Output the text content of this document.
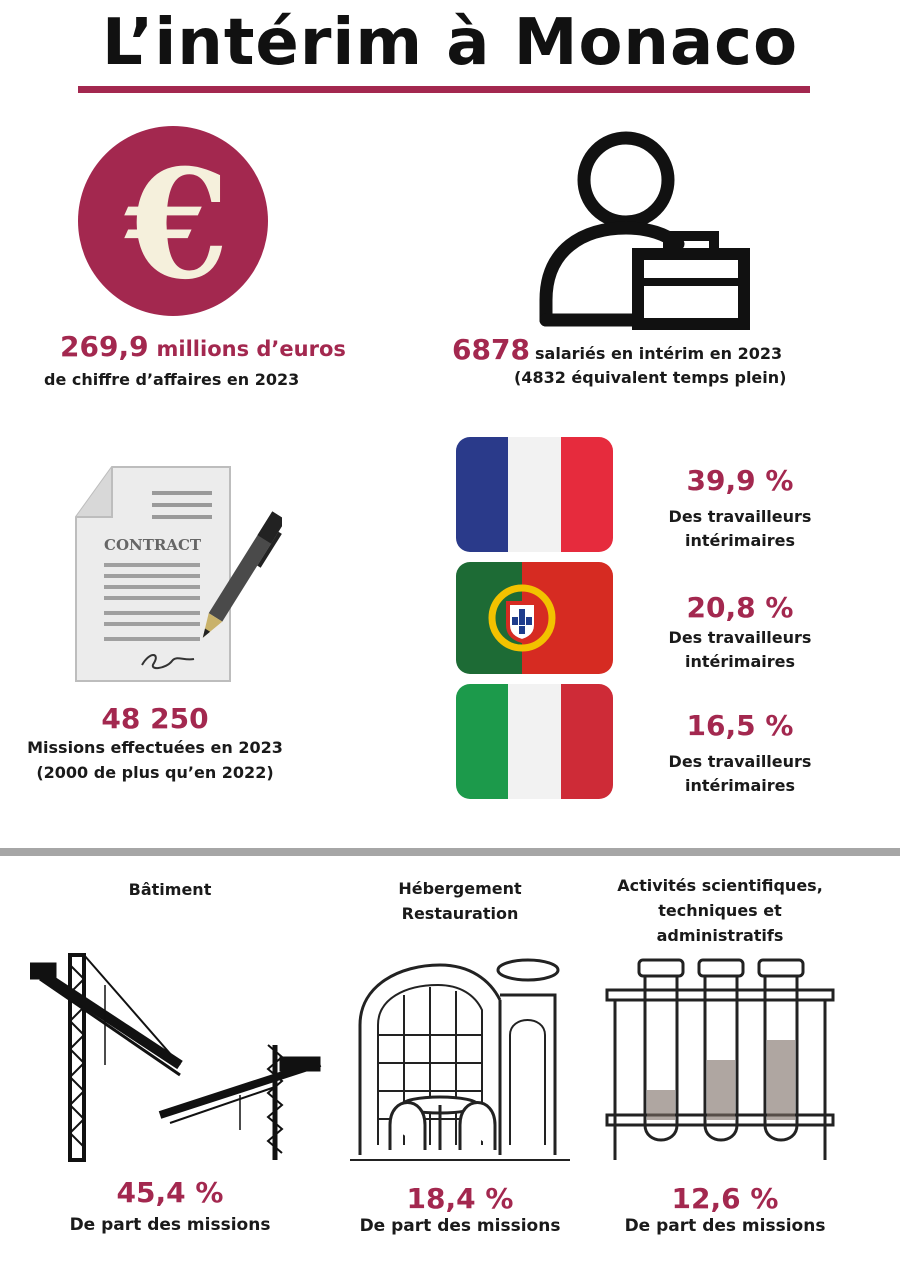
L’intérim à Monaco
€
269,9 millions d’euros
de chiffre d’affaires en 2023
6878 salariés en intérim en 2023
(4832 équivalent temps plein)
CONTRACT
48 250
Missions effectuées en 2023
(2000 de plus qu’en 2022)
39,9 %
Des travailleurs
intérimaires
20,8 %
Des travailleurs
intérimaires
16,5 %
Des travailleurs
intérimaires
Bâtiment	Hébergement
Restauration
Activités scientifiques,
techniques et
administratifs
45,4 %
De part des missions
18,4 %
De part des missions
12,6 %
De part des missions
